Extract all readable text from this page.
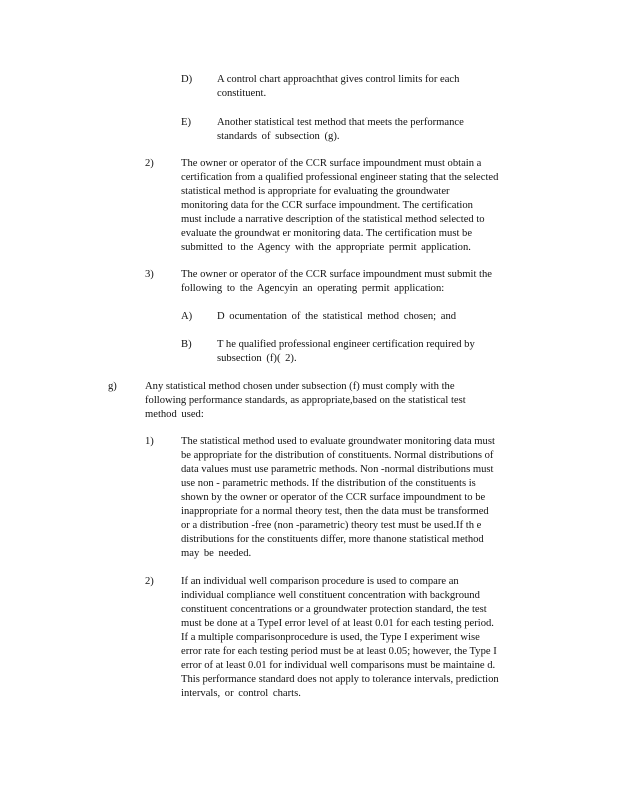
D) A control chart approachthat gives control limits for each
constituent.
E) Another statistical test method that meets the performance
standards of subsection (g).
2)	The owner or operator of the CCR surface impoundment must obtain a
certification from a qualified professional engineer stating that the selected
statistical method is appropriate for evaluating the groundwater
monitoring data for the CCR surface impoundment. The certification
must include a narrative description of the statistical method selected to
evaluate the groundwat er monitoring data. The certification must be
submitted to the Agency with the appropriate permit application.
3)	The owner or operator of the CCR surface impoundment must submit the
following to the Agencyin an operating permit application:
A) D ocumentation of the statistical method chosen; and
B) T he qualified professional engineer certification required by
subsection (f)( 2).
g)	Any statistical method chosen under subsection (f) must comply with the
following performance standards, as appropriate,based on the statistical test
method used:
1)	The statistical method used to evaluate groundwater monitoring data must
be appropriate for the distribution of constituents. Normal distributions of
data values must use parametric methods. Non -normal distributions must
use non - parametric methods. If the distribution of the constituents is
shown by the owner or operator of the CCR surface impoundment to be
inappropriate for a normal theory test, then the data must be transformed
or a distribution -free (non -parametric) theory test must be used.If th e
distributions for the constituents differ, more thanone statistical method
may be needed.
2)	If an individual well comparison procedure is used to compare an
individual compliance well constituent concentration with background
constituent concentrations or a groundwater protection standard, the test
must be done at a TypeI error level of at least 0.01 for each testing period.
If a multiple comparisonprocedure is used, the Type I experiment wise
error rate for each testing period must be at least 0.05; however, the Type I
error of at least 0.01 for individual well comparisons must be maintaine d.
This performance standard does not apply to tolerance intervals, prediction
intervals, or control charts.
